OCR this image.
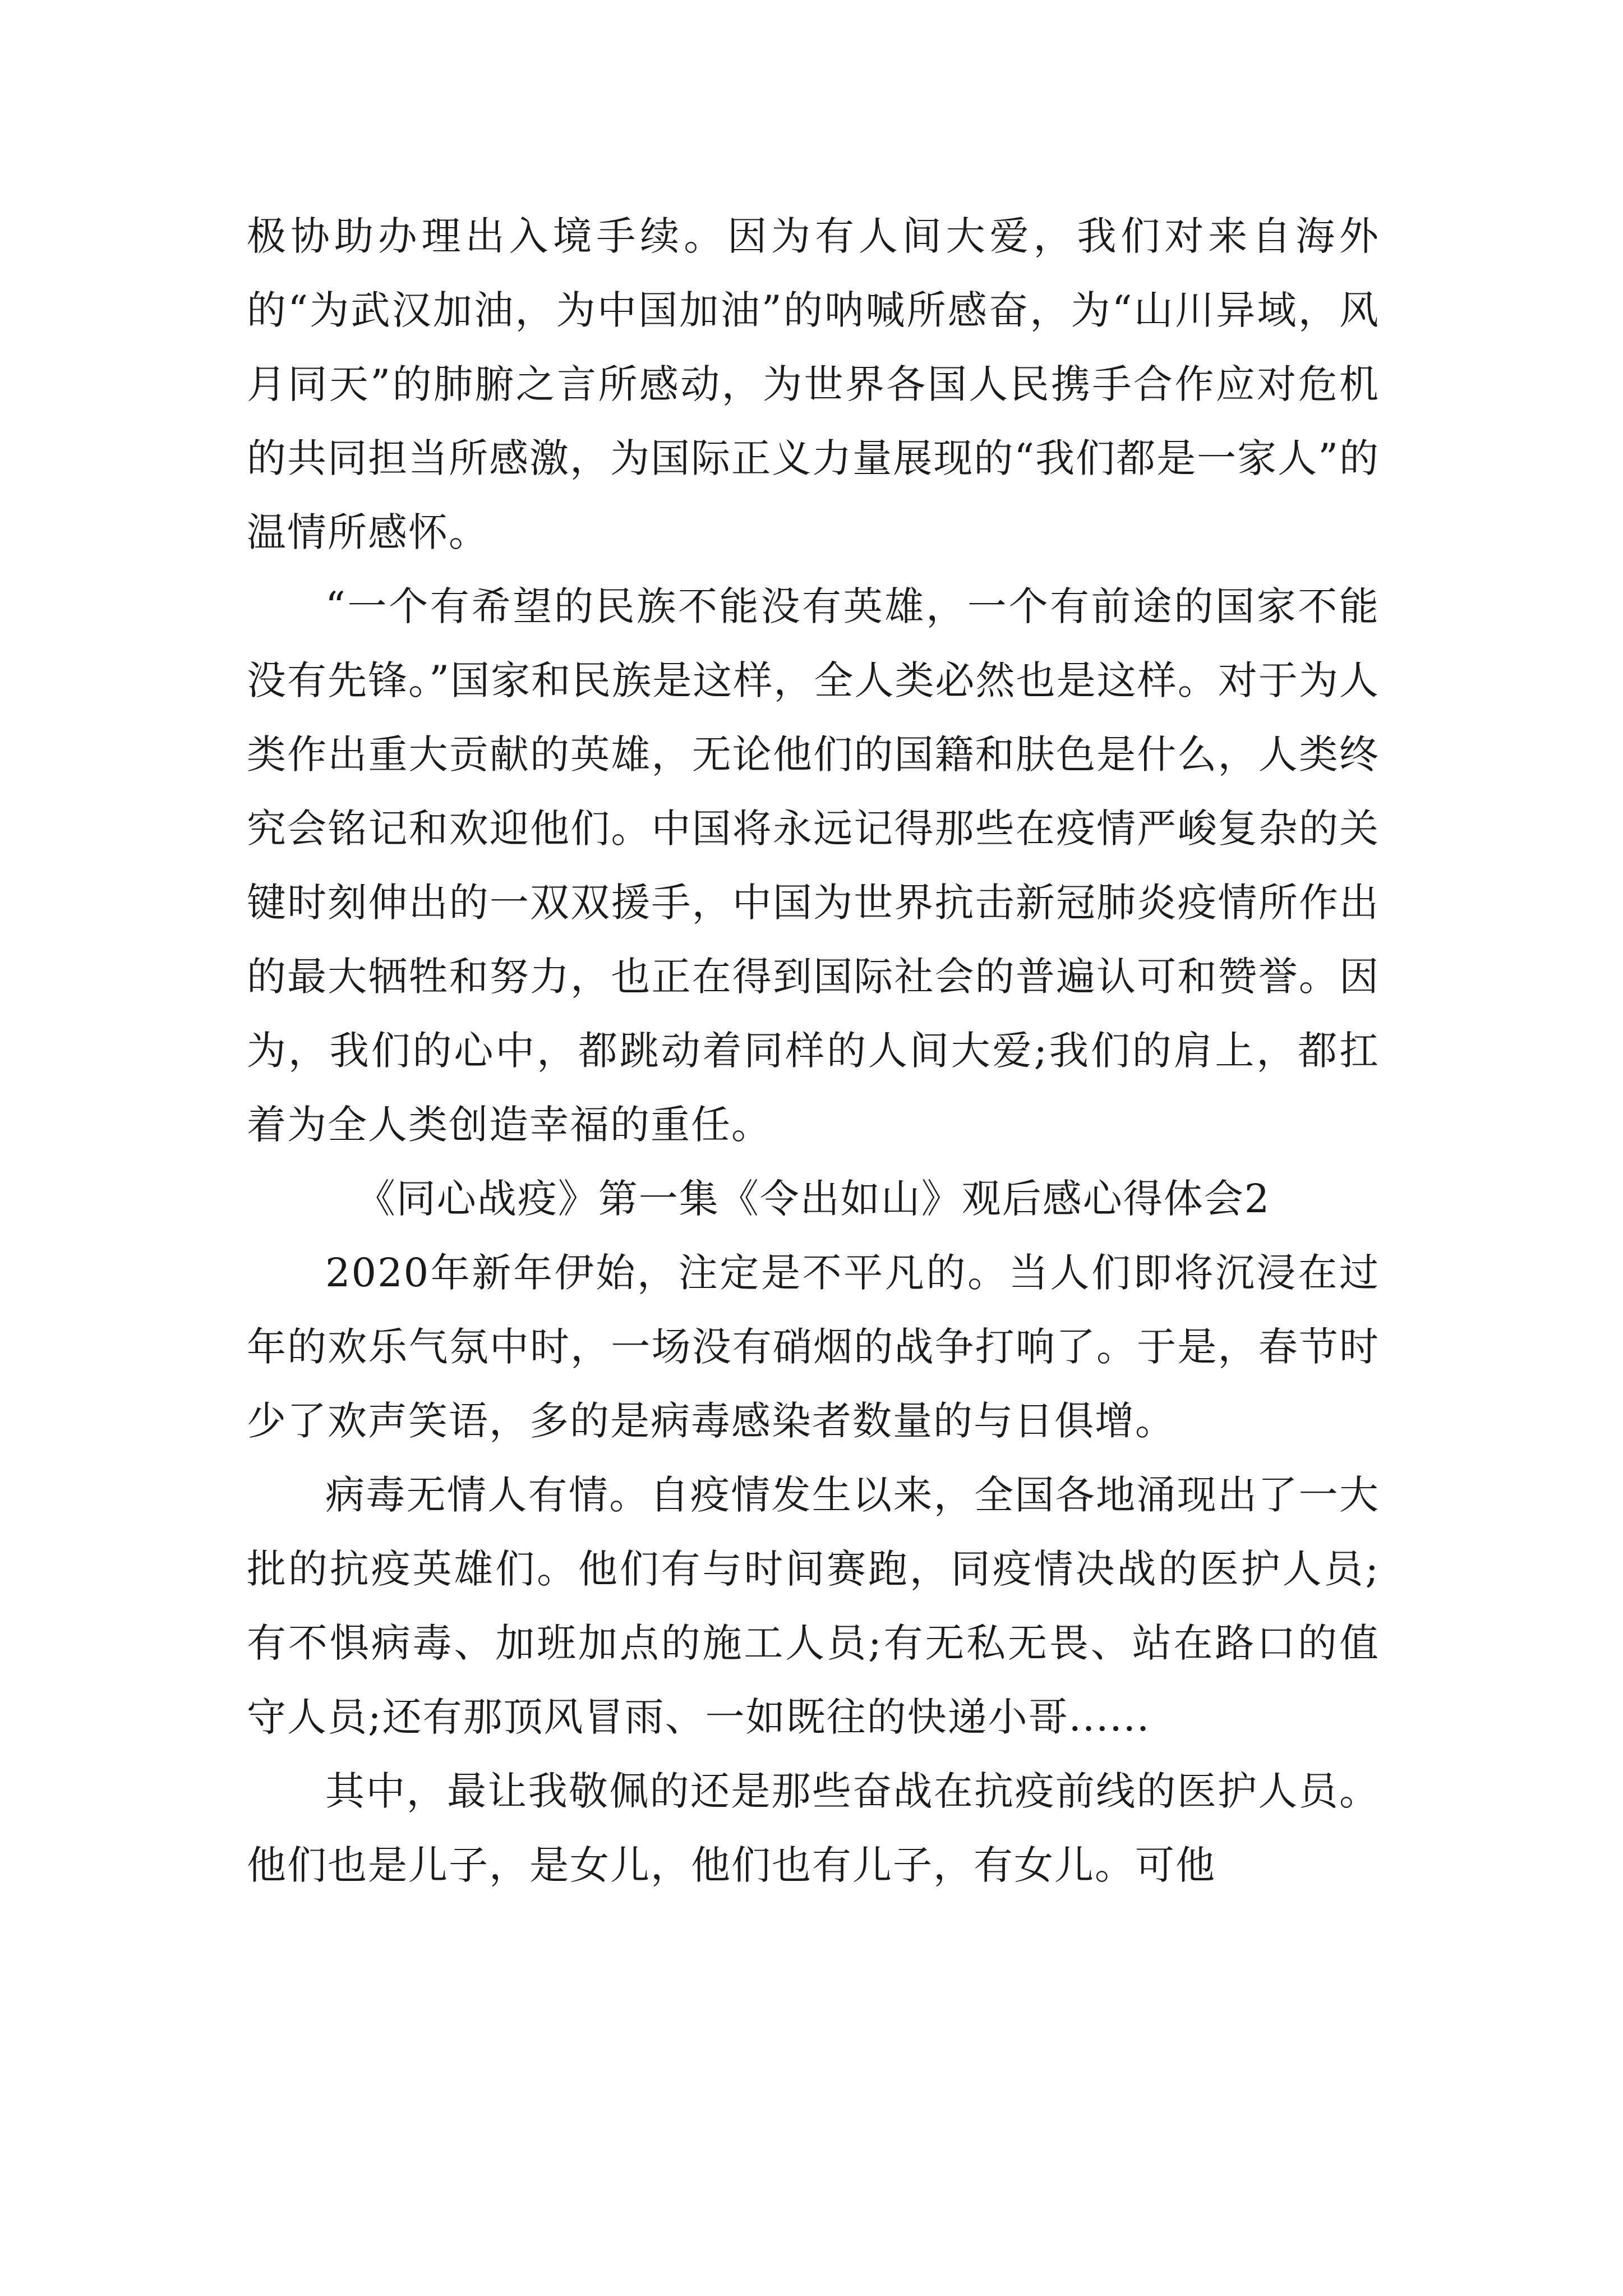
极协助办理出入境手续。因为有人间大爱，我们对来自海外的“为武汉加油，为中国加油”的呐喊所感奋，为“山川异域，风月同天”的肺腑之言所感动，为世界各国人民携手合作应对危机的共同担当所感激，为国际正义力量展现的“我们都是一家人”的温情所感怀。

“一个有希望的民族不能没有英雄，一个有前途的国家不能没有先锋。”国家和民族是这样，全人类必然也是这样。对于为人类作出重大贡献的英雄，无论他们的国籍和肤色是什么，人类终究会铭记和欢迎他们。中国将永远记得那些在疫情严峻复杂的关键时刻伸出的一双双援手，中国为世界抗击新冠肺炎疫情所作出的最大牺牲和努力，也正在得到国际社会的普遍认可和赞誉。因为，我们的心中，都跳动着同样的人间大爱;我们的肩上，都扛着为全人类创造幸福的重任。

《同心战疫》第一集《令出如山》观后感心得体会2

2020年新年伊始，注定是不平凡的。当人们即将沉浸在过年的欢乐气氛中时，一场没有硝烟的战争打响了。于是，春节时少了欢声笑语，多的是病毒感染者数量的与日俱增。

病毒无情人有情。自疫情发生以来，全国各地涌现出了一大批的抗疫英雄们。他们有与时间赛跑，同疫情决战的医护人员;有不惧病毒、加班加点的施工人员;有无私无畏、站在路口的值守人员;还有那顶风冒雨、一如既往的快递小哥......

其中，最让我敬佩的还是那些奋战在抗疫前线的医护人员。他们也是儿子，是女儿，他们也有儿子，有女儿。可他
